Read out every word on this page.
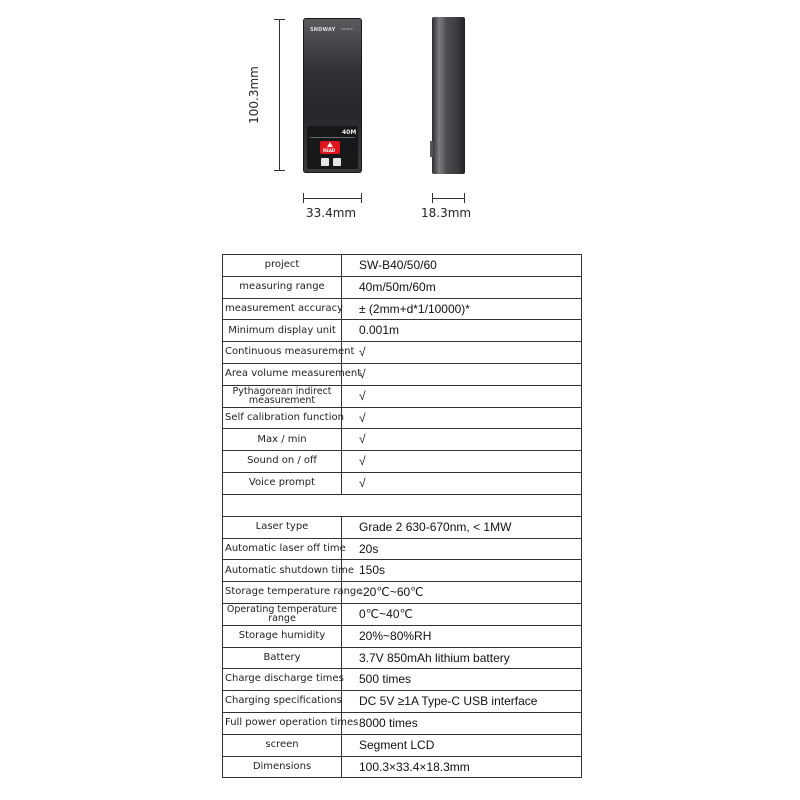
100.3mm
SNDWAY SW-B40
40M
READ
33.4mm	18.3mm
project	SW-B40/50/60
measuring range	40m/50m/60m
measurement accuracy	± (2mm+d*1/10000)*
Minimum display unit	0.001m
Continuous measurement	√
Area volume measurement	√
Pythagorean indirect measurement	√
Self calibration function	√
Max / min	√
Sound on / off	√
Voice prompt	√

Laser type	Grade 2 630-670nm, < 1MW
Automatic laser off time	20s
Automatic shutdown time	150s
Storage temperature range	-20℃~60℃
Operating temperature range	0℃~40℃
Storage humidity	20%~80%RH
Battery	3.7V 850mAh lithium battery
Charge discharge times	500 times
Charging specifications	DC 5V ≥1A Type-C USB interface
Full power operation times	8000 times
screen	Segment LCD
Dimensions	100.3×33.4×18.3mm
